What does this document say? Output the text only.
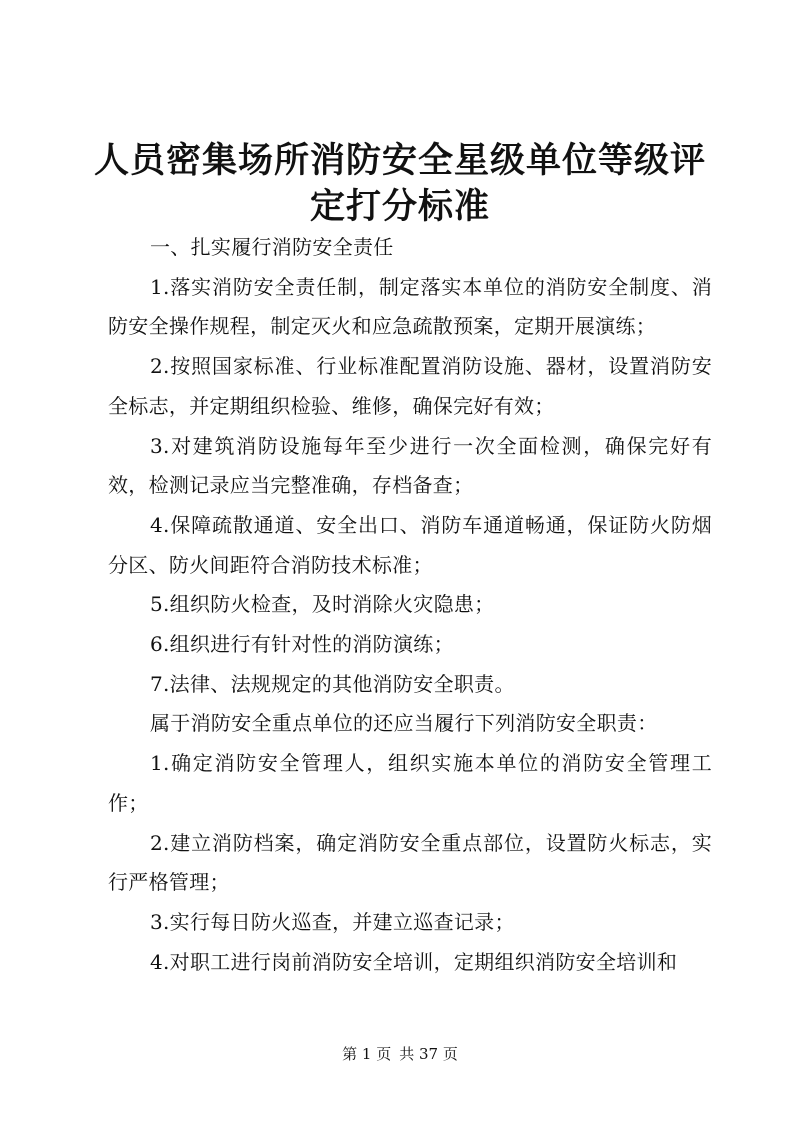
人员密集场所消防安全星级单位等级评定打分标准

一、扎实履行消防安全责任

1.落实消防安全责任制，制定落实本单位的消防安全制度、消防安全操作规程，制定灭火和应急疏散预案，定期开展演练；

2.按照国家标准、行业标准配置消防设施、器材，设置消防安全标志，并定期组织检验、维修，确保完好有效；

3.对建筑消防设施每年至少进行一次全面检测，确保完好有效，检测记录应当完整准确，存档备查；

4.保障疏散通道、安全出口、消防车通道畅通，保证防火防烟分区、防火间距符合消防技术标准；

5.组织防火检查，及时消除火灾隐患；

6.组织进行有针对性的消防演练；

7.法律、法规规定的其他消防安全职责。

属于消防安全重点单位的还应当履行下列消防安全职责：

1.确定消防安全管理人，组织实施本单位的消防安全管理工作；

2.建立消防档案，确定消防安全重点部位，设置防火标志，实行严格管理；

3.实行每日防火巡查，并建立巡查记录；

4.对职工进行岗前消防安全培训，定期组织消防安全培训和

第 1 页 共 37 页
